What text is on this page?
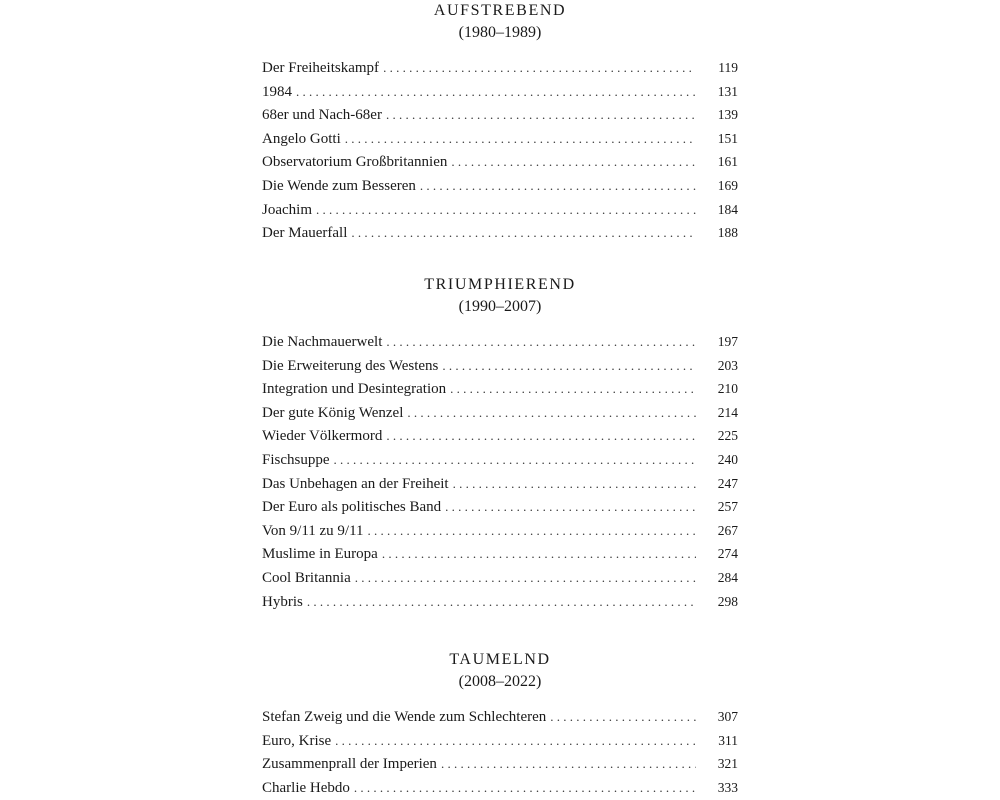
AUFSTREBEND
(1980–1989)
Der Freiheitskampf . . .	119
1984 . . .	131
68er und Nach-68er . . .	139
Angelo Gotti . . .	151
Observatorium Großbritannien . . .	161
Die Wende zum Besseren . . .	169
Joachim . . .	184
Der Mauerfall . . .	188
TRIUMPHIEREND
(1990–2007)
Die Nachmauerwelt . . .	197
Die Erweiterung des Westens . . .	203
Integration und Desintegration . . .	210
Der gute König Wenzel . . .	214
Wieder Völkermord . . .	225
Fischsuppe . . .	240
Das Unbehagen an der Freiheit . . .	247
Der Euro als politisches Band . . .	257
Von 9/11 zu 9/11 . . .	267
Muslime in Europa . . .	274
Cool Britannia . . .	284
Hybris . . .	298
TAUMELND
(2008–2022)
Stefan Zweig und die Wende zum Schlechteren . . .	307
Euro, Krise . . .	311
Zusammenprall der Imperien . . .	321
Charlie Hebdo . . .	333
